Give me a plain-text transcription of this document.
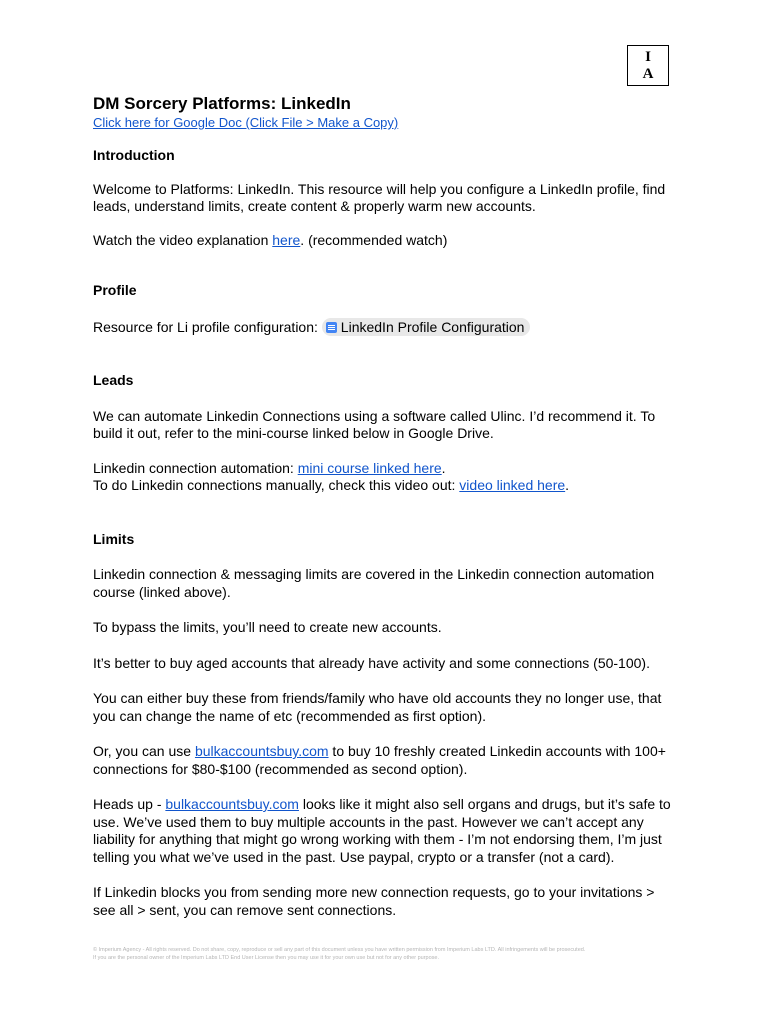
I
A
DM Sorcery Platforms: LinkedIn
Click here for Google Doc (Click File > Make a Copy)
Introduction

Welcome to Platforms: LinkedIn. This resource will help you configure a LinkedIn profile, find leads, understand limits, create content & properly warm new accounts.

Watch the video explanation here. (recommended watch)

Profile

Resource for Li profile configuration: LinkedIn Profile Configuration

Leads

We can automate Linkedin Connections using a software called Ulinc. I’d recommend it. To build it out, refer to the mini-course linked below in Google Drive.

Linkedin connection automation: mini course linked here.

To do Linkedin connections manually, check this video out: video linked here.

Limits

Linkedin connection & messaging limits are covered in the Linkedin connection automation course (linked above).

To bypass the limits, you’ll need to create new accounts.

It’s better to buy aged accounts that already have activity and some connections (50-100).

You can either buy these from friends/family who have old accounts they no longer use, that you can change the name of etc (recommended as first option).

Or, you can use bulkaccountsbuy.com to buy 10 freshly created Linkedin accounts with 100+ connections for $80-$100 (recommended as second option).

Heads up - bulkaccountsbuy.com looks like it might also sell organs and drugs, but it’s safe to use. We’ve used them to buy multiple accounts in the past. However we can’t accept any liability for anything that might go wrong working with them - I’m not endorsing them, I’m just telling you what we’ve used in the past. Use paypal, crypto or a transfer (not a card).

If Linkedin blocks you from sending more new connection requests, go to your invitations > see all > sent, you can remove sent connections.

© Imperium Agency - All rights reserved. Do not share, copy, reproduce or sell any part of this document unless you have written permission from Imperium Labs LTD. All infringements will be prosecuted.
If you are the personal owner of the Imperium Labs LTD End User License then you may use it for your own use but not for any other purpose.
